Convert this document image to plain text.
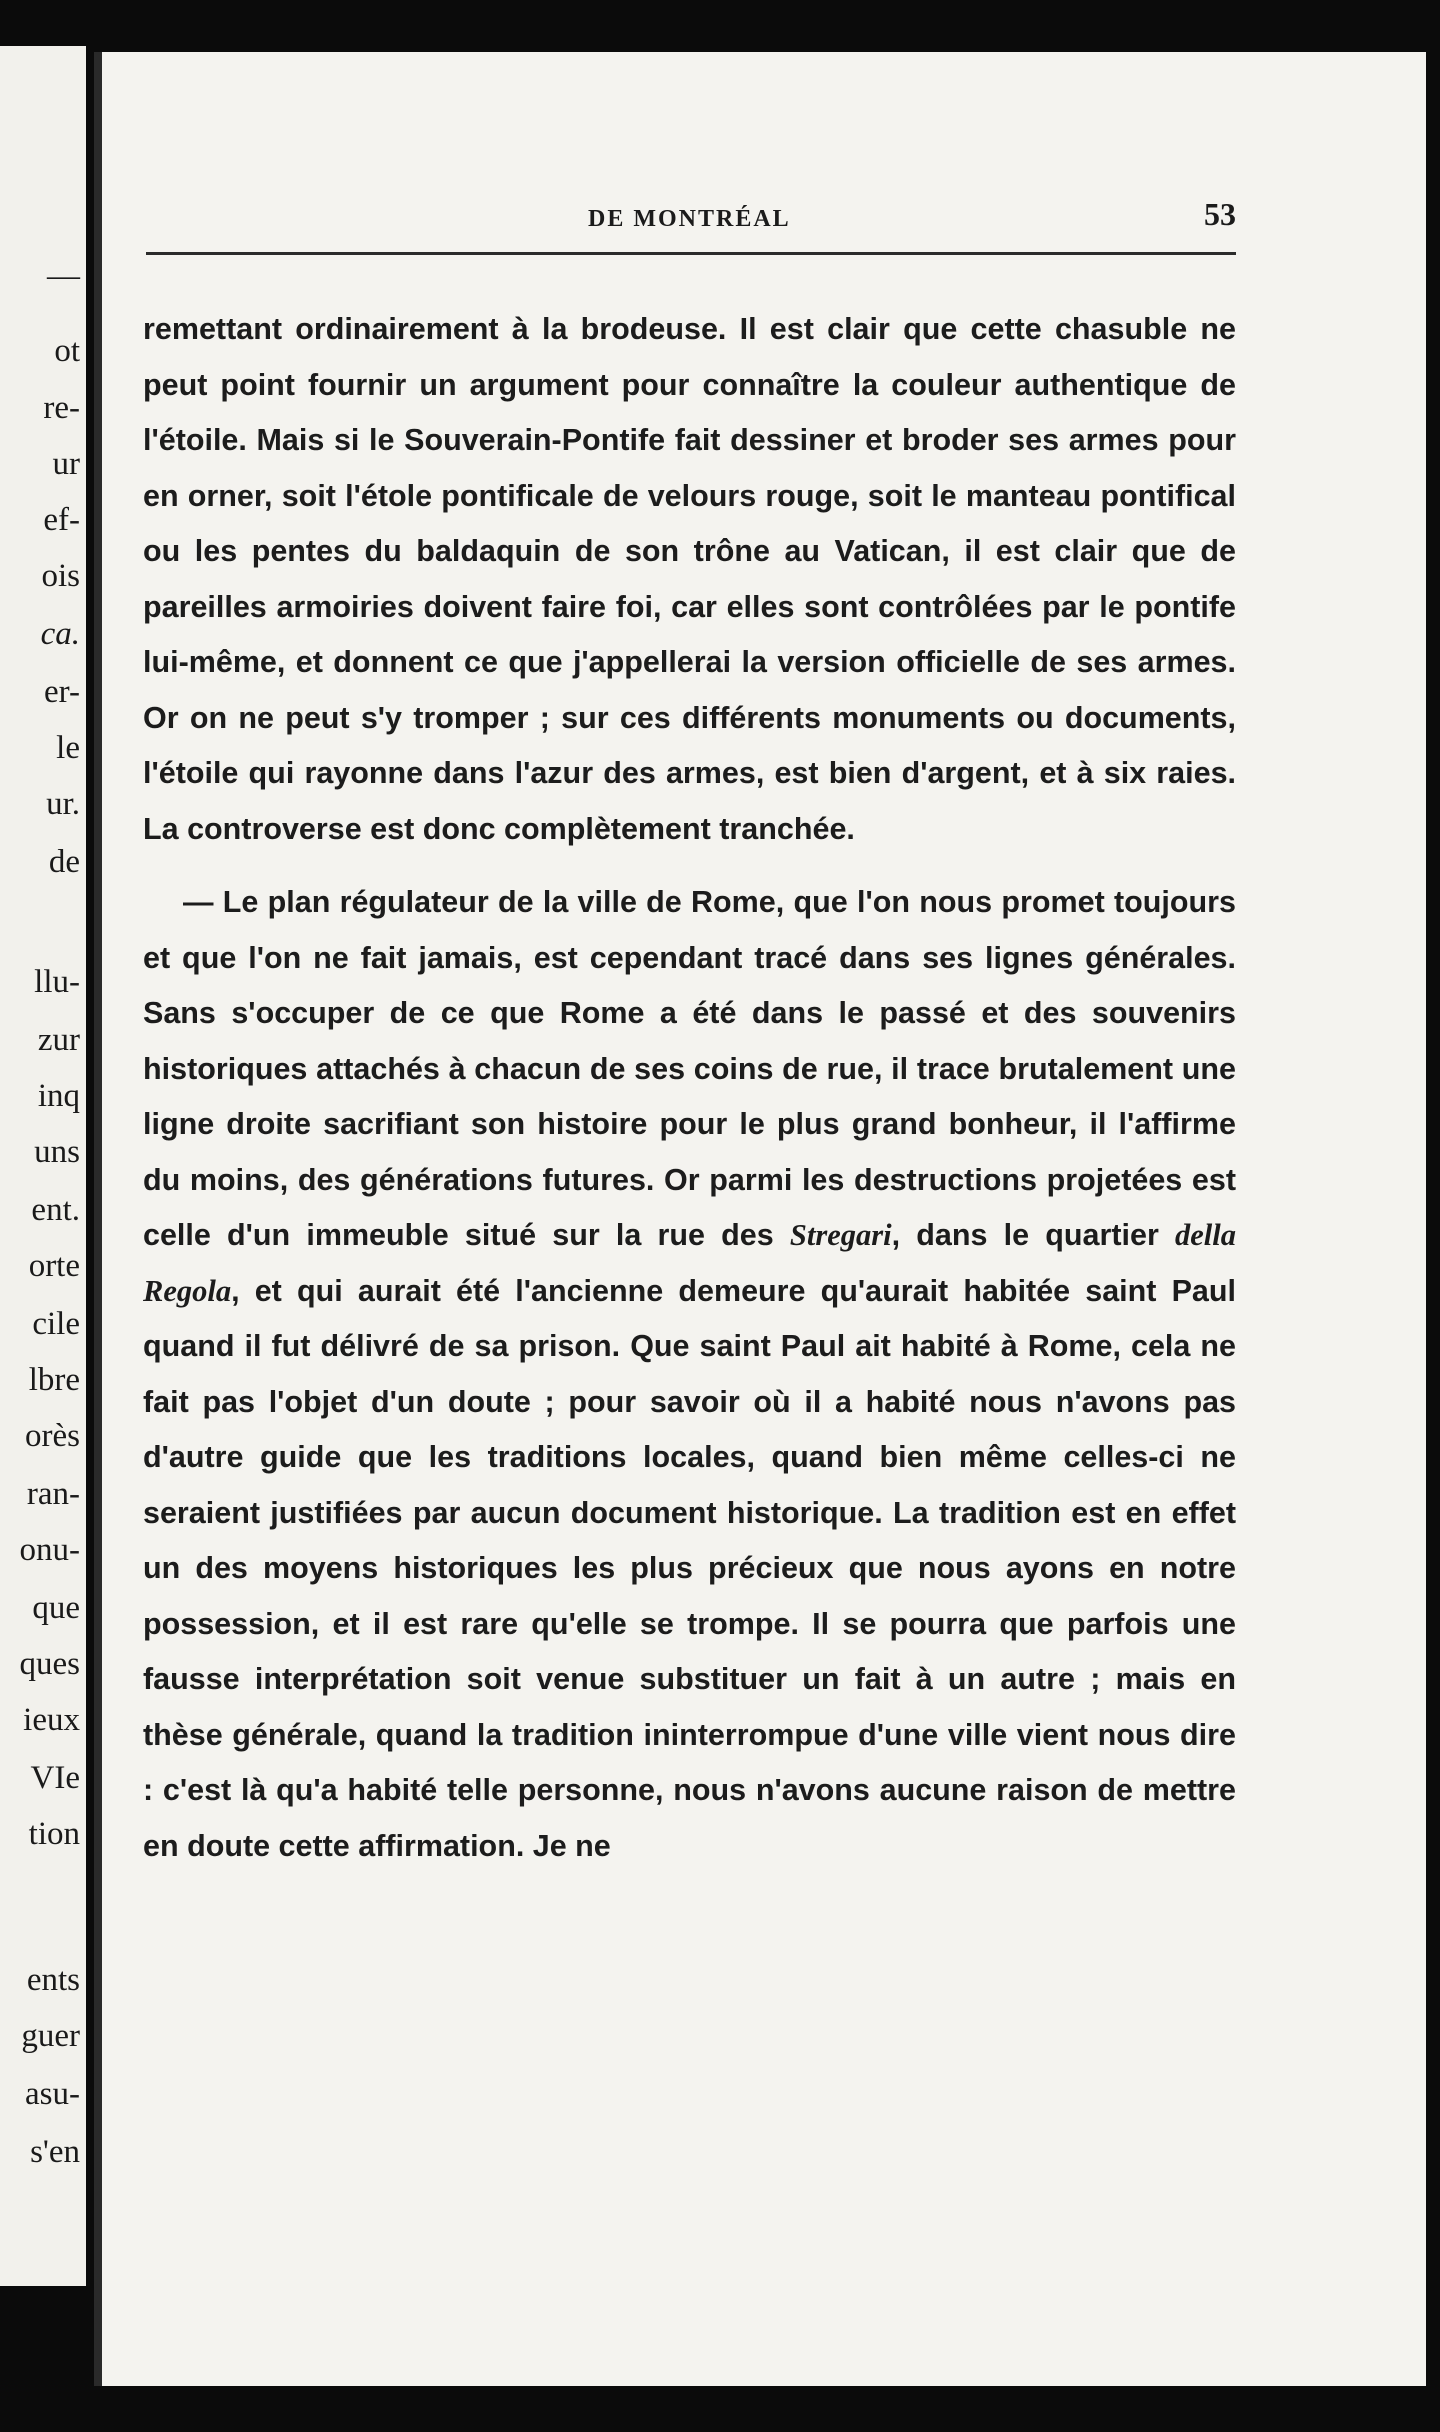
—
ot
re-
ur
ef-
ois
ca.
er-
le
ur.
de
llu-
zur
inq
uns
ent.
orte
cile
lbre
orès
ran-
onu-
que
ques
ieux
VIe
tion
ents
guer
asu-
s'en
DE MONTRÉAL	53

remettant ordinairement à la brodeuse. Il est clair que cette chasuble ne peut point fournir un argument pour connaître la couleur authentique de l'étoile. Mais si le Souverain-Pontife fait dessiner et broder ses armes pour en orner, soit l'étole pontificale de velours rouge, soit le manteau pontifical ou les pentes du baldaquin de son trône au Vatican, il est clair que de pareilles armoiries doivent faire foi, car elles sont contrôlées par le pontife lui-même, et donnent ce que j'appellerai la version officielle de ses armes. Or on ne peut s'y tromper ; sur ces différents monuments ou documents, l'étoile qui rayonne dans l'azur des armes, est bien d'argent, et à six raies. La controverse est donc complètement tranchée.

— Le plan régulateur de la ville de Rome, que l'on nous promet toujours et que l'on ne fait jamais, est cependant tracé dans ses lignes générales. Sans s'occuper de ce que Rome a été dans le passé et des souvenirs historiques attachés à chacun de ses coins de rue, il trace brutalement une ligne droite sacrifiant son histoire pour le plus grand bonheur, il l'affirme du moins, des générations futures. Or parmi les destructions projetées est celle d'un immeuble situé sur la rue des Stregari, dans le quartier della Regola, et qui aurait été l'ancienne demeure qu'aurait habitée saint Paul quand il fut délivré de sa prison. Que saint Paul ait habité à Rome, cela ne fait pas l'objet d'un doute ; pour savoir où il a habité nous n'avons pas d'autre guide que les traditions locales, quand bien même celles-ci ne seraient justifiées par aucun document historique. La tradition est en effet un des moyens historiques les plus précieux que nous ayons en notre possession, et il est rare qu'elle se trompe. Il se pourra que parfois une fausse interprétation soit venue substituer un fait à un autre ; mais en thèse générale, quand la tradition ininterrompue d'une ville vient nous dire : c'est là qu'a habité telle personne, nous n'avons aucune raison de mettre en doute cette affirmation. Je ne
